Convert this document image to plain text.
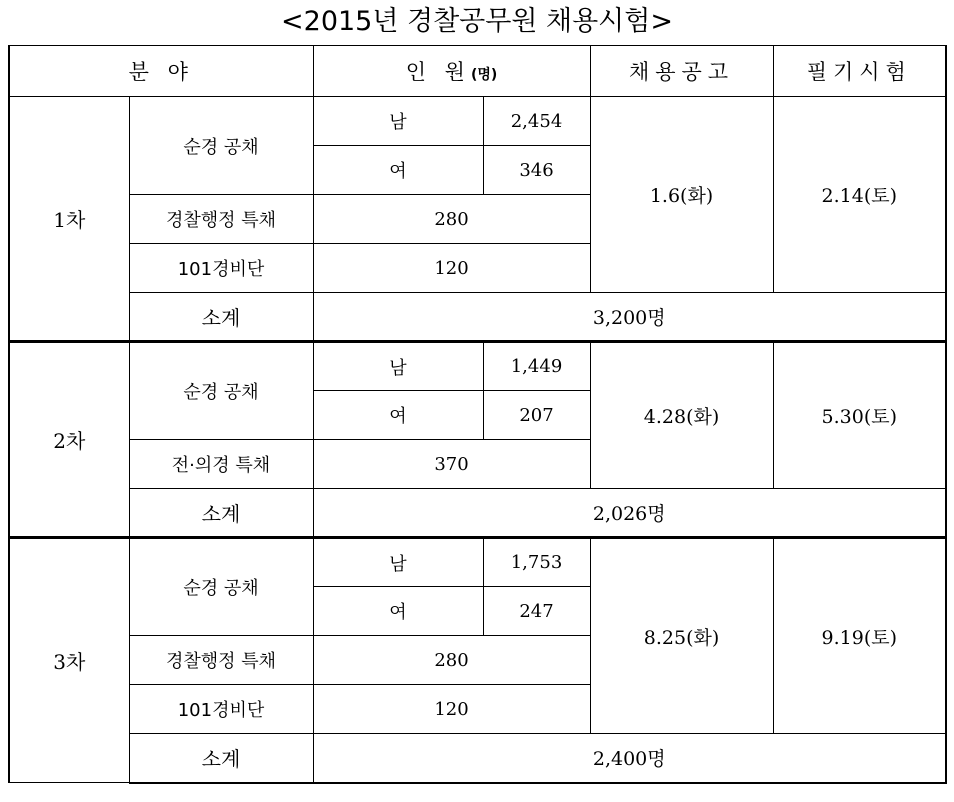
<2015년 경찰공무원 채용시험>
분 야		인 원(명)		채용공고	필기시험
1차	순경 공채	남	2,454	1.6(화)	2.14(토)
		여	346		
	경찰행정 특채	280			
	101경비단	120			
	소계	3,200명			
2차	순경 공채	남	1,449	4.28(화)	5.30(토)
		여	207		
	전·의경 특채	370			
	소계	2,026명			
3차	순경 공채	남	1,753	8.25(화)	9.19(토)
		여	247		
	경찰행정 특채	280			
	101경비단	120			
	소계	2,400명			
